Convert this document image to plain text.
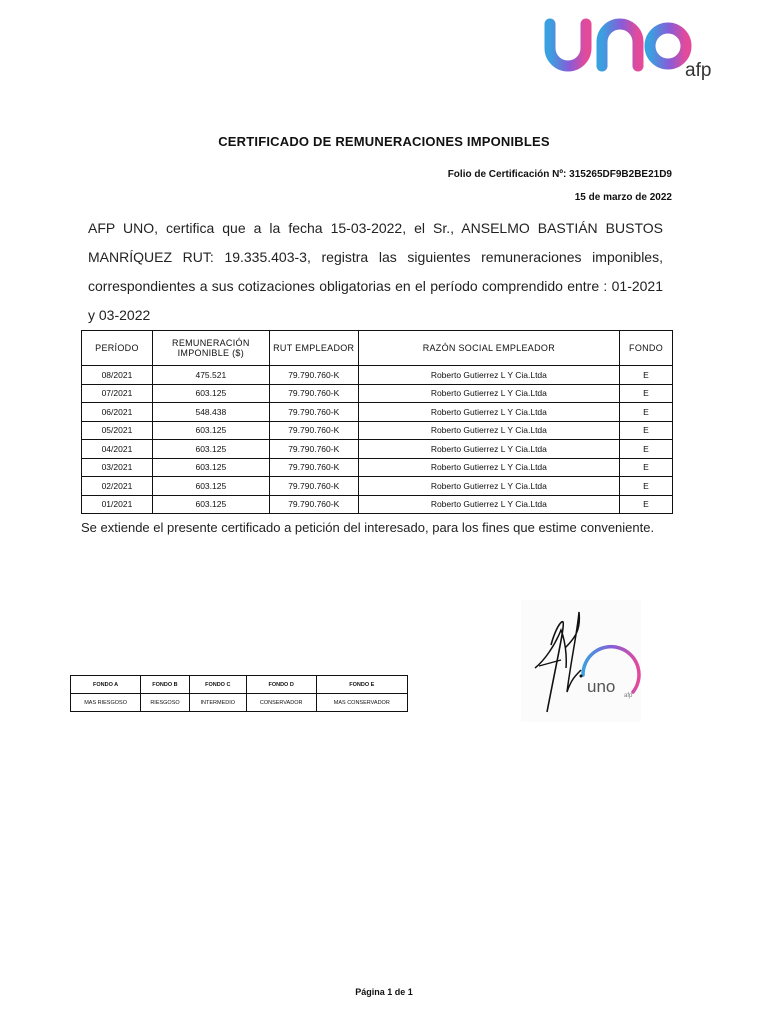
afp
CERTIFICADO DE REMUNERACIONES IMPONIBLES
Folio de Certificación Nº: 315265DF9B2BE21D9
15 de marzo de 2022
AFP UNO, certifica que a la fecha 15-03-2022, el Sr., ANSELMO BASTIÁN BUSTOS MANRÍQUEZ RUT: 19.335.403-3, registra las siguientes remuneraciones imponibles, correspondientes a sus cotizaciones obligatorias en el período comprendido entre : 01-2021 y 03-2022
PERÍODO	REMUNERACIÓN IMPONIBLE ($)	RUT EMPLEADOR	RAZÓN SOCIAL EMPLEADOR	FONDO
08/2021	475.521	79.790.760-K	Roberto Gutierrez L Y Cia.Ltda	E
07/2021	603.125	79.790.760-K	Roberto Gutierrez L Y Cia.Ltda	E
06/2021	548.438	79.790.760-K	Roberto Gutierrez L Y Cia.Ltda	E
05/2021	603.125	79.790.760-K	Roberto Gutierrez L Y Cia.Ltda	E
04/2021	603.125	79.790.760-K	Roberto Gutierrez L Y Cia.Ltda	E
03/2021	603.125	79.790.760-K	Roberto Gutierrez L Y Cia.Ltda	E
02/2021	603.125	79.790.760-K	Roberto Gutierrez L Y Cia.Ltda	E
01/2021	603.125	79.790.760-K	Roberto Gutierrez L Y Cia.Ltda	E
Se extiende el presente certificado a petición del interesado, para los fines que estime conveniente.
uno afp
FONDO A	FONDO B	FONDO C	FONDO D	FONDO E
MAS RIESGOSO	RIESGOSO	INTERMEDIO	CONSERVADOR	MAS CONSERVADOR
Página 1 de 1
